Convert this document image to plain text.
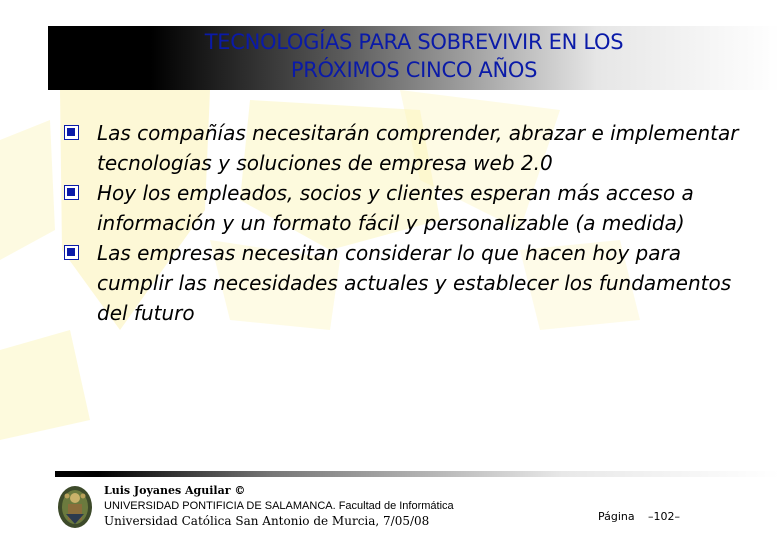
TECNOLOGÍAS PARA SOBREVIVIR EN LOS
PRÓXIMOS CINCO AÑOS
Las compañías necesitarán comprender, abrazar e implementar tecnologías y soluciones de empresa web 2.0
Hoy los empleados, socios y clientes esperan más acceso a información y un formato fácil y personalizable (a medida)
Las empresas necesitan considerar lo que hacen hoy para cumplir las necesidades actuales y establecer los fundamentos del futuro
Luis Joyanes Aguilar ©
UNIVERSIDAD PONTIFICIA DE SALAMANCA. Facultad de Informática
Universidad Católica San Antonio de Murcia, 7/05/08	Página –102–
